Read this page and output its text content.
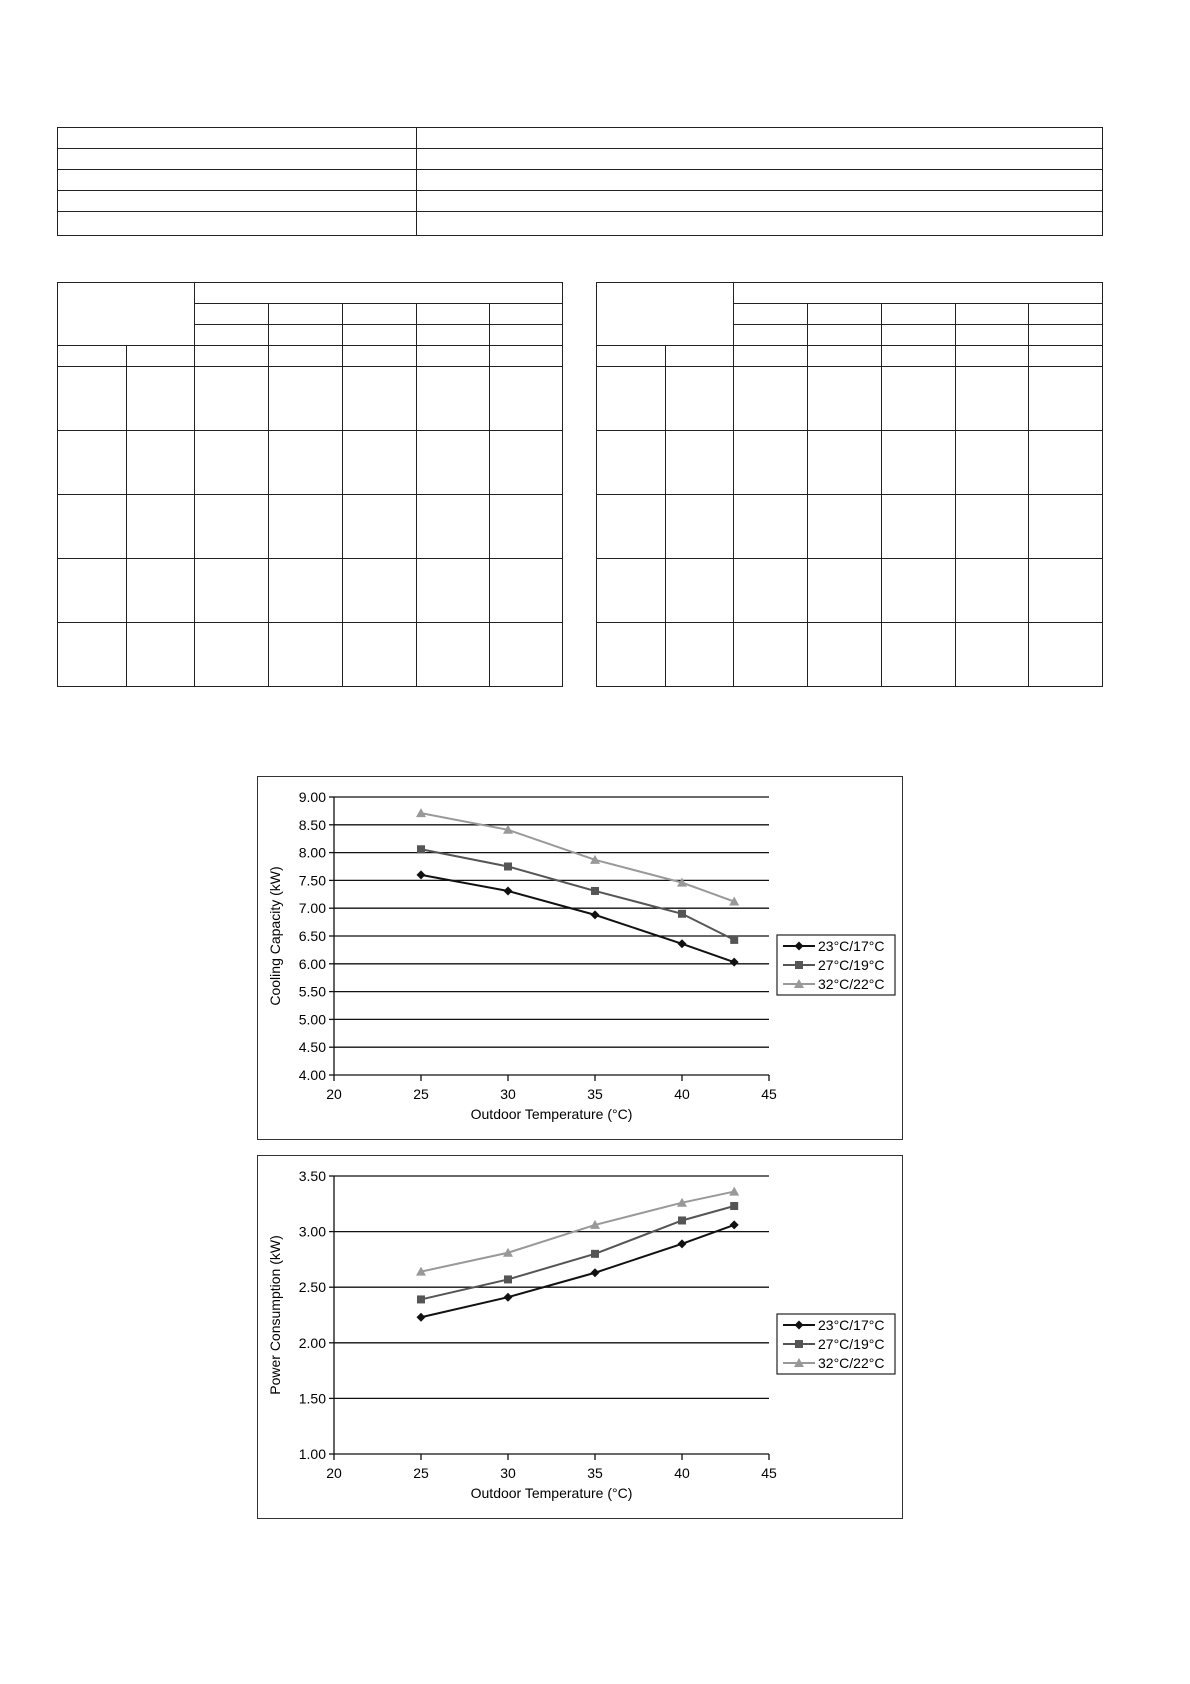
4.00
4.50
5.00
5.50
6.00
6.50
7.00
7.50
8.00
8.50
9.00
20	25	30	35	40	45
Outdoor Temperature (°C)
Cooling Capacity (kW)	23°C/17°C
27°C/19°C
32°C/22°C
1.00
1.50
2.00
2.50
3.00
3.50
20	25	30	35	40	45
Outdoor Temperature (°C)
Power Consumption (kW)	23°C/17°C
27°C/19°C
32°C/22°C
